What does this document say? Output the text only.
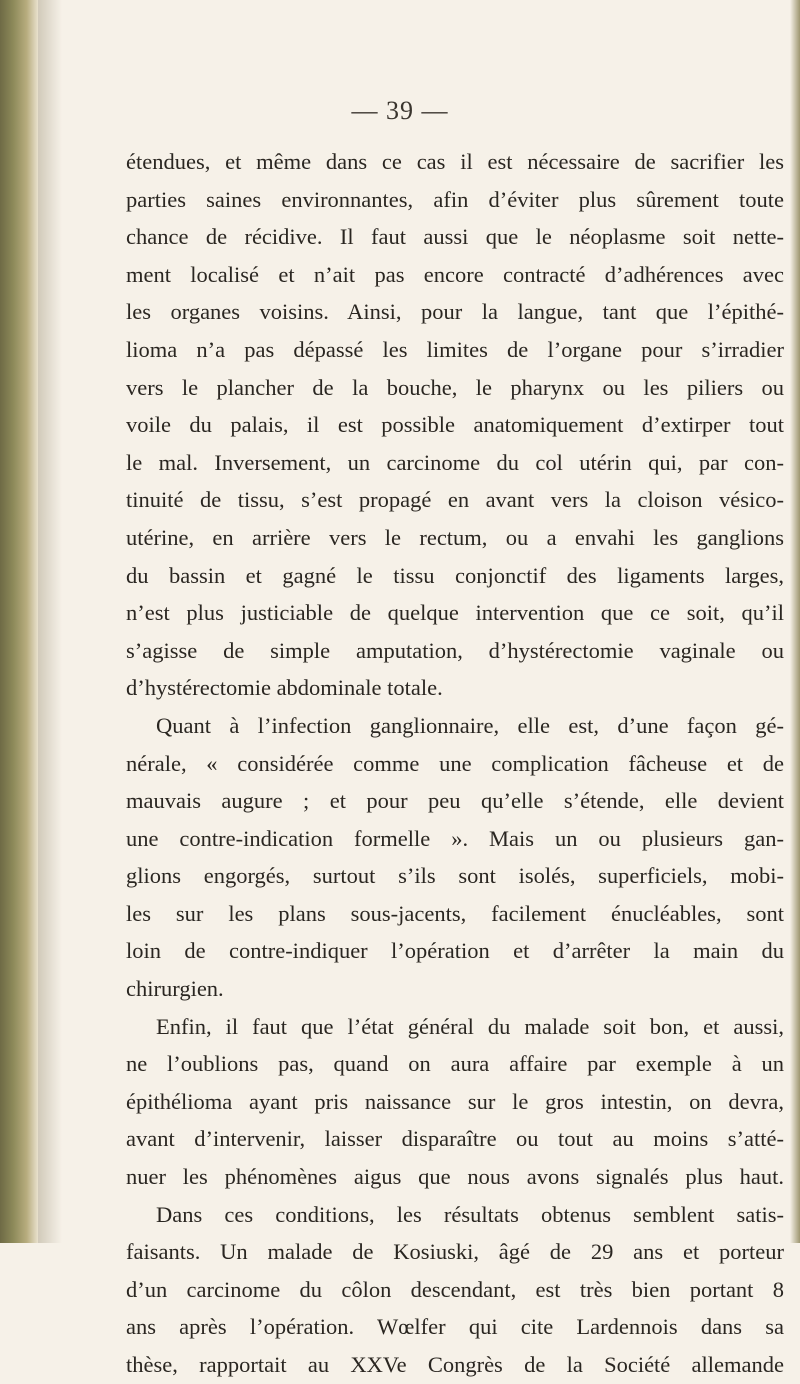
— 39 —
étendues, et même dans ce cas il est nécessaire de sacrifier les
parties saines environnantes, afin d’éviter plus sûrement toute
chance de récidive. Il faut aussi que le néoplasme soit nette-
ment localisé et n’ait pas encore contracté d’adhérences avec
les organes voisins. Ainsi, pour la langue, tant que l’épithé-
lioma n’a pas dépassé les limites de l’organe pour s’irradier
vers le plancher de la bouche, le pharynx ou les piliers ou
voile du palais, il est possible anatomiquement d’extirper tout
le mal. Inversement, un carcinome du col utérin qui, par con-
tinuité de tissu, s’est propagé en avant vers la cloison vésico-
utérine, en arrière vers le rectum, ou a envahi les ganglions
du bassin et gagné le tissu conjonctif des ligaments larges,
n’est plus justiciable de quelque intervention que ce soit, qu’il
s’agisse de simple amputation, d’hystérectomie vaginale ou
d’hystérectomie abdominale totale.
Quant à l’infection ganglionnaire, elle est, d’une façon gé-
nérale, « considérée comme une complication fâcheuse et de
mauvais augure ; et pour peu qu’elle s’étende, elle devient
une contre-indication formelle ». Mais un ou plusieurs gan-
glions engorgés, surtout s’ils sont isolés, superficiels, mobi-
les sur les plans sous-jacents, facilement énucléables, sont
loin de contre-indiquer l’opération et d’arrêter la main du
chirurgien.
Enfin, il faut que l’état général du malade soit bon, et aussi,
ne l’oublions pas, quand on aura affaire par exemple à un
épithélioma ayant pris naissance sur le gros intestin, on devra,
avant d’intervenir, laisser disparaître ou tout au moins s’atté-
nuer les phénomènes aigus que nous avons signalés plus haut.
Dans ces conditions, les résultats obtenus semblent satis-
faisants. Un malade de Kosiuski, âgé de 29 ans et porteur
d’un carcinome du côlon descendant, est très bien portant 8
ans après l’opération. Wœlfer qui cite Lardennois dans sa
thèse, rapportait au XXVe Congrès de la Société allemande
